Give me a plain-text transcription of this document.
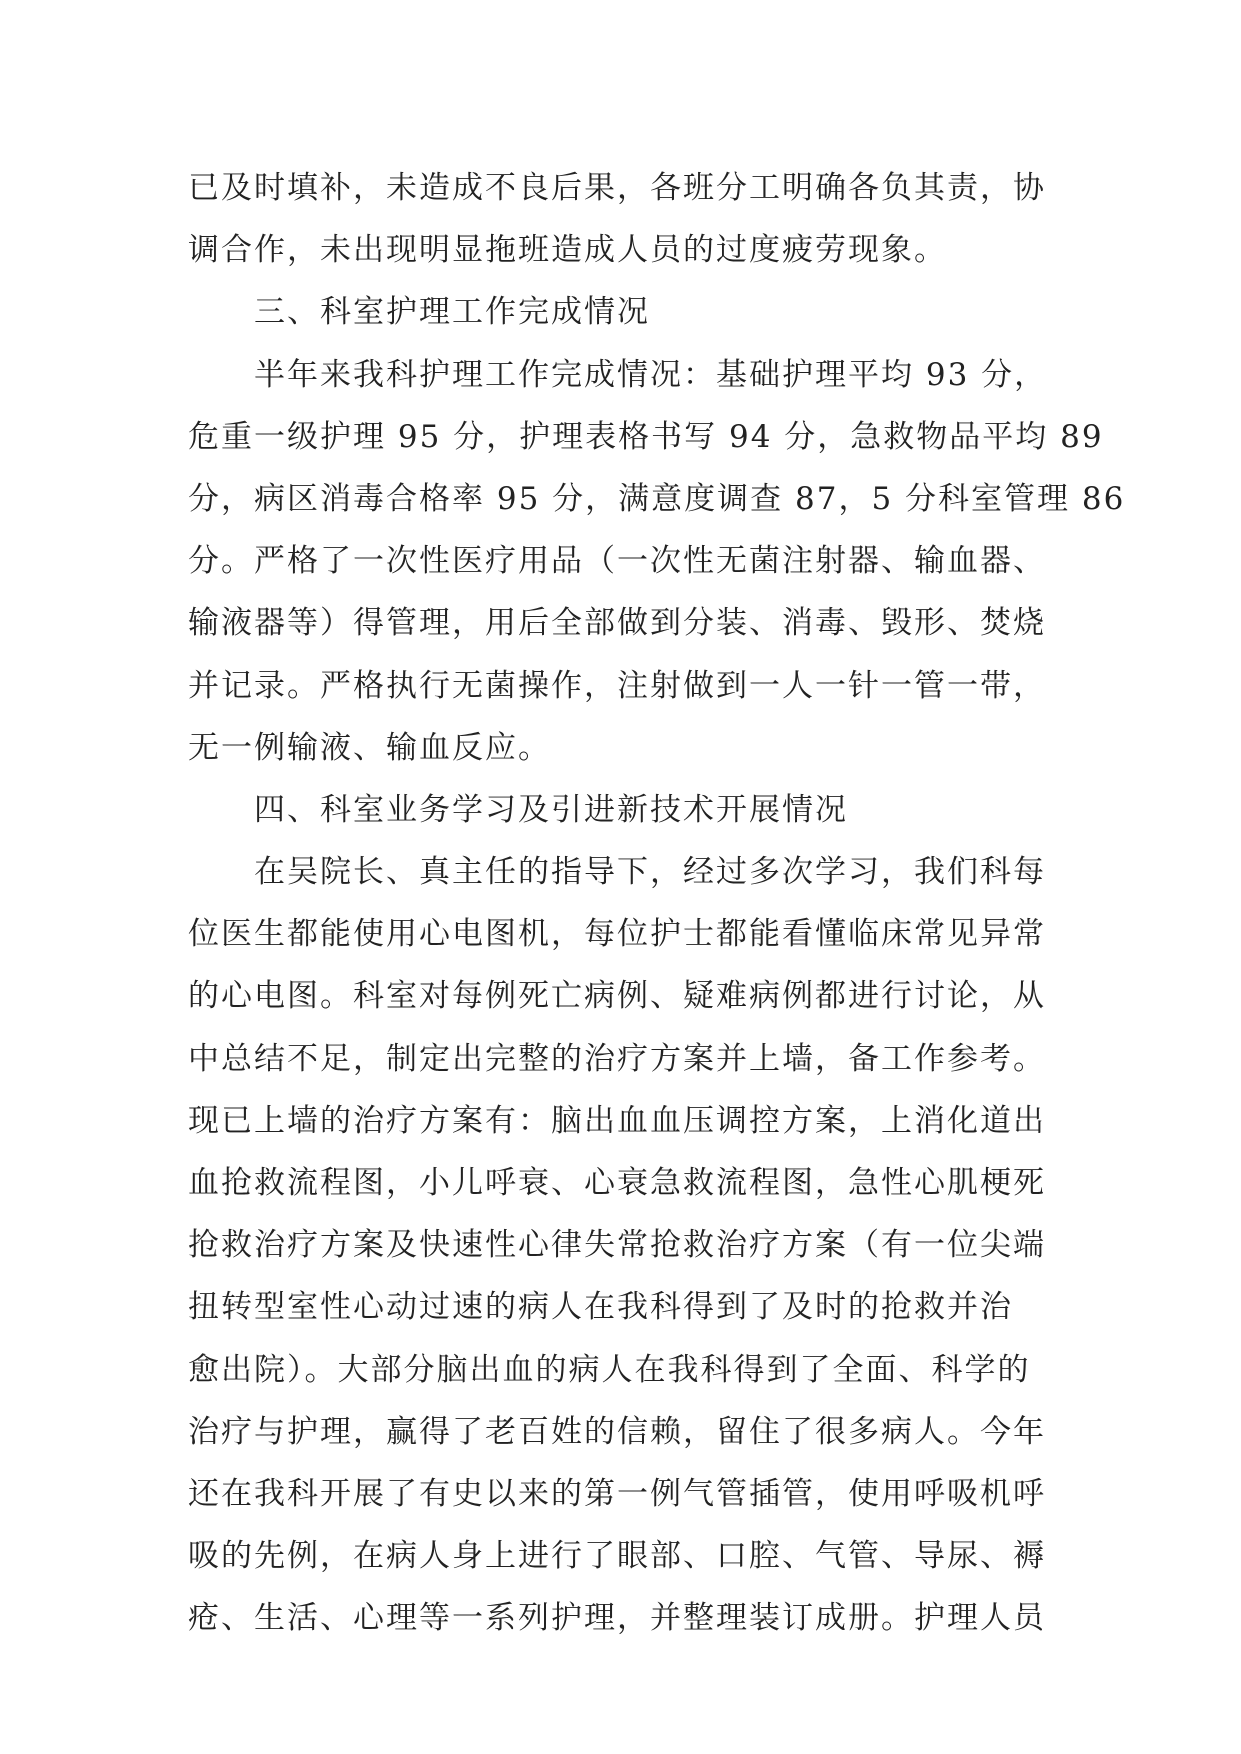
已及时填补，未造成不良后果，各班分工明确各负其责，协
调合作，未出现明显拖班造成人员的过度疲劳现象。
三、科室护理工作完成情况
半年来我科护理工作完成情况：基础护理平均 93 分，
危重一级护理 95 分，护理表格书写 94 分，急救物品平均 89
分，病区消毒合格率 95 分，满意度调查 87，5 分科室管理 86
分。严格了一次性医疗用品（一次性无菌注射器、输血器、
输液器等）得管理，用后全部做到分装、消毒、毁形、焚烧
并记录。严格执行无菌操作，注射做到一人一针一管一带，
无一例输液、输血反应。
四、科室业务学习及引进新技术开展情况
在吴院长、真主任的指导下，经过多次学习，我们科每
位医生都能使用心电图机，每位护士都能看懂临床常见异常
的心电图。科室对每例死亡病例、疑难病例都进行讨论，从
中总结不足，制定出完整的治疗方案并上墙，备工作参考。
现已上墙的治疗方案有：脑出血血压调控方案，上消化道出
血抢救流程图，小儿呼衰、心衰急救流程图，急性心肌梗死
抢救治疗方案及快速性心律失常抢救治疗方案（有一位尖端
扭转型室性心动过速的病人在我科得到了及时的抢救并治
愈出院）。大部分脑出血的病人在我科得到了全面、科学的
治疗与护理，赢得了老百姓的信赖，留住了很多病人。今年
还在我科开展了有史以来的第一例气管插管，使用呼吸机呼
吸的先例，在病人身上进行了眼部、口腔、气管、导尿、褥
疮、生活、心理等一系列护理，并整理装订成册。护理人员
